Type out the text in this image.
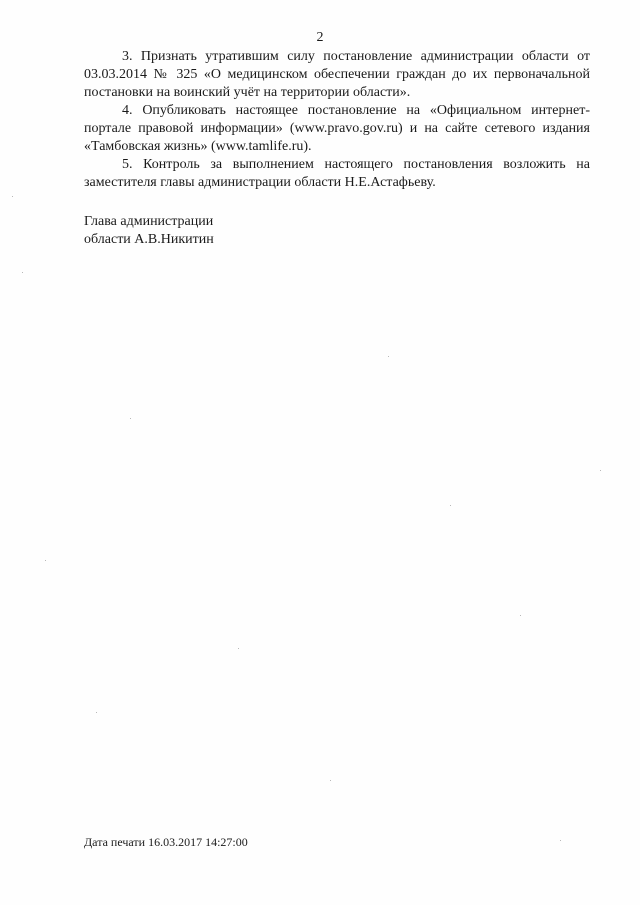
2

3. Признать утратившим силу постановление администрации области от 03.03.2014 № 325 «О медицинском обеспечении граждан до их первоначальной постановки на воинский учёт на территории области».

4. Опубликовать настоящее постановление на «Официальном интернет-портале правовой информации» (www.pravo.gov.ru) и на сайте сетевого издания «Тамбовская жизнь» (www.tamlife.ru).

5. Контроль за выполнением настоящего постановления возложить на заместителя главы администрации области Н.Е.Астафьеву.

Глава администрации
области А.В.Никитин
Дата печати 16.03.2017 14:27:00
